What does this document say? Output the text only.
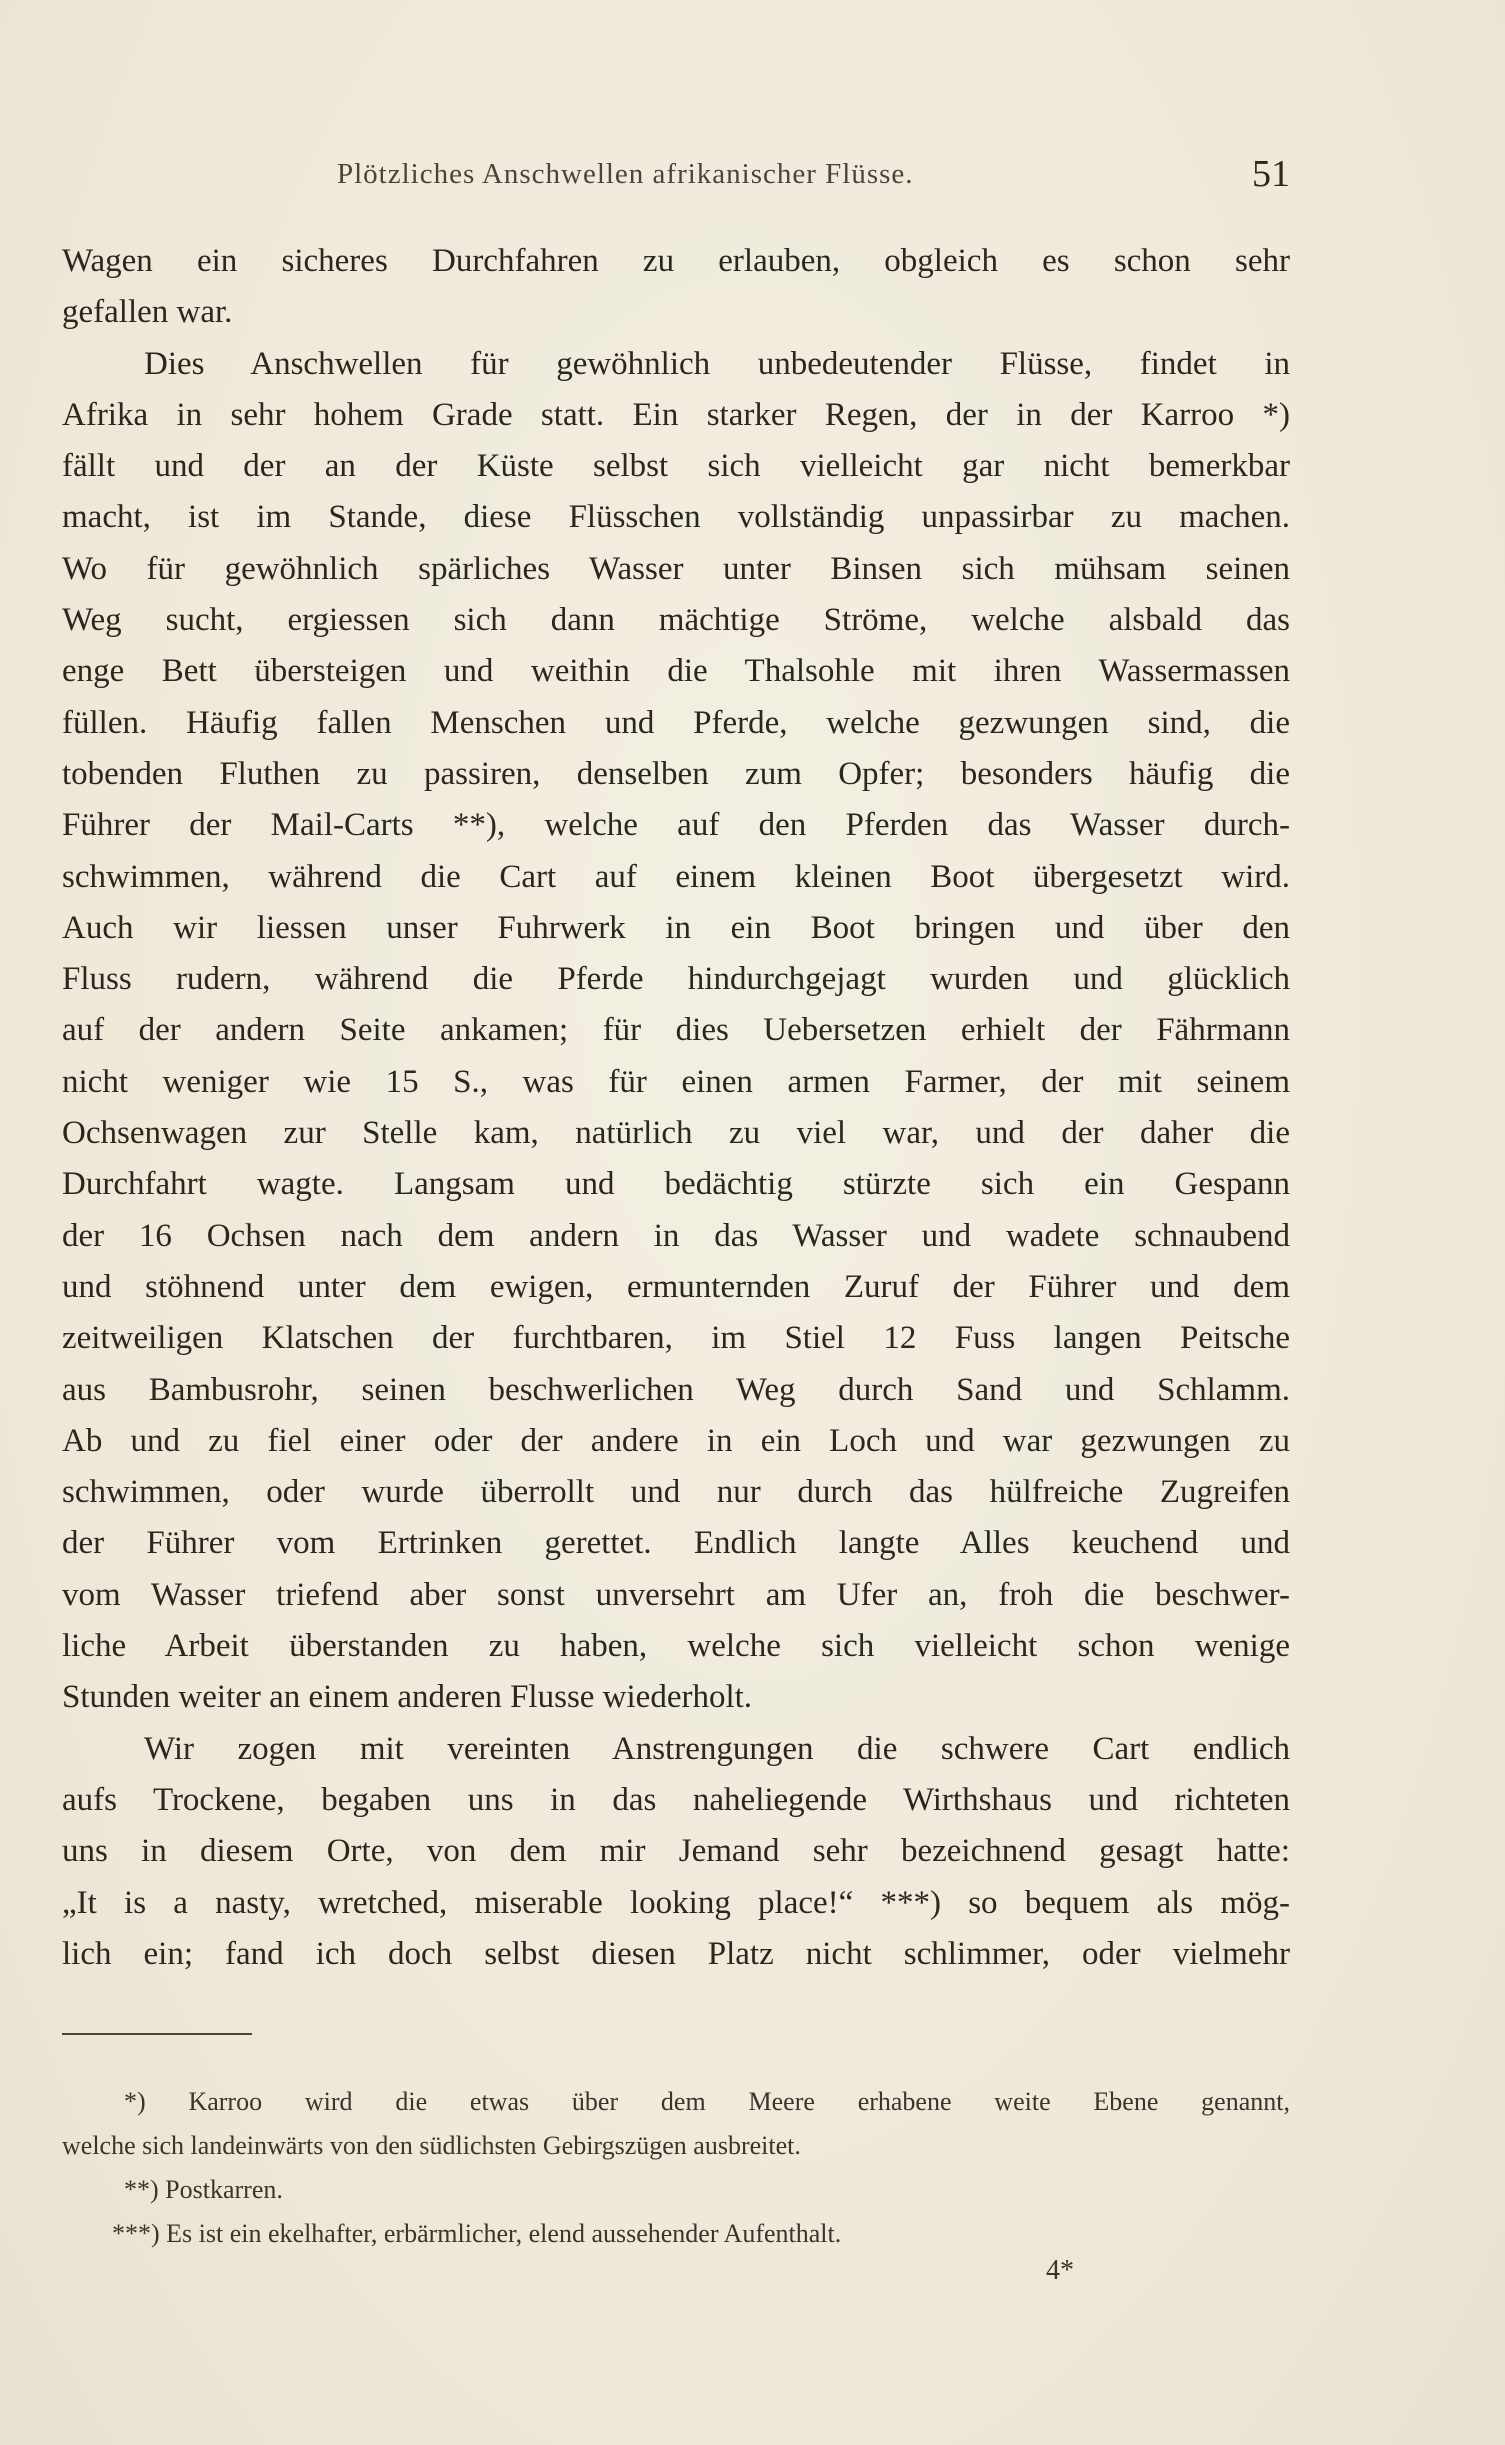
Plötzliches Anschwellen afrikanischer Flüsse.	51
Wagen ein sicheres Durchfahren zu erlauben, obgleich es schon sehr
gefallen war.
Dies Anschwellen für gewöhnlich unbedeutender Flüsse, findet in
Afrika in sehr hohem Grade statt. Ein starker Regen, der in der Karroo *)
fällt und der an der Küste selbst sich vielleicht gar nicht bemerkbar
macht, ist im Stande, diese Flüsschen vollständig unpassirbar zu machen.
Wo für gewöhnlich spärliches Wasser unter Binsen sich mühsam seinen
Weg sucht, ergiessen sich dann mächtige Ströme, welche alsbald das
enge Bett übersteigen und weithin die Thalsohle mit ihren Wassermassen
füllen. Häufig fallen Menschen und Pferde, welche gezwungen sind, die
tobenden Fluthen zu passiren, denselben zum Opfer; besonders häufig die
Führer der Mail-Carts **), welche auf den Pferden das Wasser durch-
schwimmen, während die Cart auf einem kleinen Boot übergesetzt wird.
Auch wir liessen unser Fuhrwerk in ein Boot bringen und über den
Fluss rudern, während die Pferde hindurchgejagt wurden und glücklich
auf der andern Seite ankamen; für dies Uebersetzen erhielt der Fährmann
nicht weniger wie 15 S., was für einen armen Farmer, der mit seinem
Ochsenwagen zur Stelle kam, natürlich zu viel war, und der daher die
Durchfahrt wagte. Langsam und bedächtig stürzte sich ein Gespann
der 16 Ochsen nach dem andern in das Wasser und wadete schnaubend
und stöhnend unter dem ewigen, ermunternden Zuruf der Führer und dem
zeitweiligen Klatschen der furchtbaren, im Stiel 12 Fuss langen Peitsche
aus Bambusrohr, seinen beschwerlichen Weg durch Sand und Schlamm.
Ab und zu fiel einer oder der andere in ein Loch und war gezwungen zu
schwimmen, oder wurde überrollt und nur durch das hülfreiche Zugreifen
der Führer vom Ertrinken gerettet. Endlich langte Alles keuchend und
vom Wasser triefend aber sonst unversehrt am Ufer an, froh die beschwer-
liche Arbeit überstanden zu haben, welche sich vielleicht schon wenige
Stunden weiter an einem anderen Flusse wiederholt.
Wir zogen mit vereinten Anstrengungen die schwere Cart endlich
aufs Trockene, begaben uns in das naheliegende Wirthshaus und richteten
uns in diesem Orte, von dem mir Jemand sehr bezeichnend gesagt hatte:
„It is a nasty, wretched, miserable looking place!“ ***) so bequem als mög-
lich ein; fand ich doch selbst diesen Platz nicht schlimmer, oder vielmehr
*) Karroo wird die etwas über dem Meere erhabene weite Ebene genannt,
welche sich landeinwärts von den südlichsten Gebirgszügen ausbreitet.
**) Postkarren.
***) Es ist ein ekelhafter, erbärmlicher, elend aussehender Aufenthalt.
4*
